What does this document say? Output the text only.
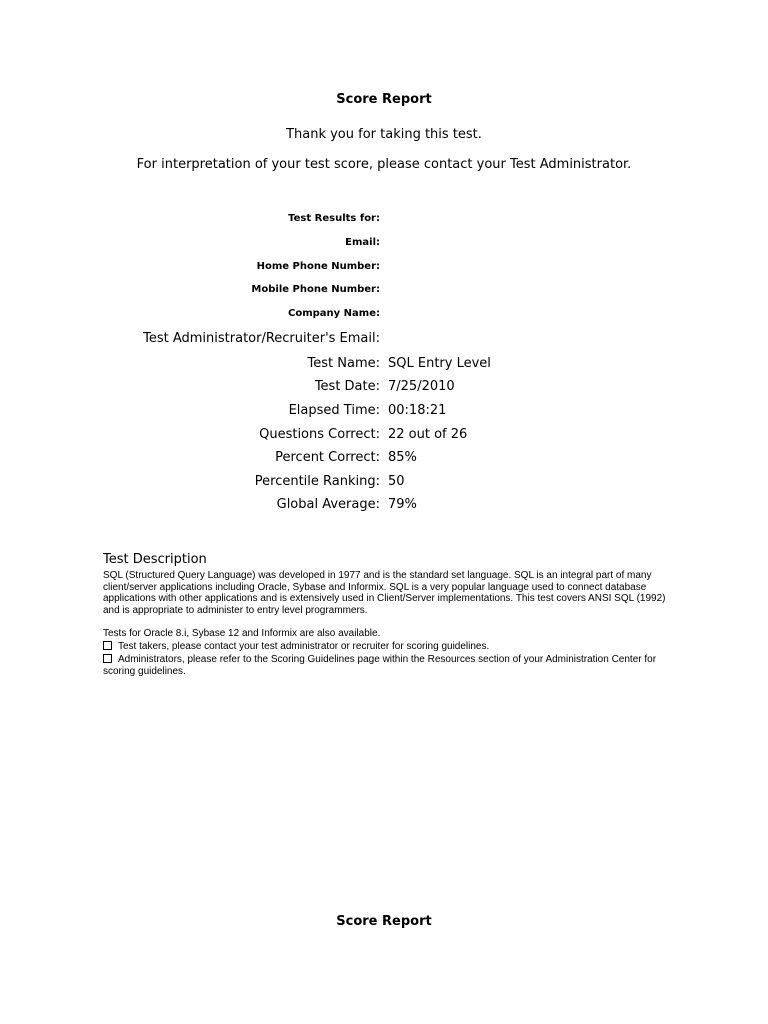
Score Report
Thank you for taking this test.
For interpretation of your test score, please contact your Test Administrator.
Test Results for:
Email:
Home Phone Number:
Mobile Phone Number:
Company Name:
Test Administrator/Recruiter's Email:
Test Name: SQL Entry Level
Test Date: 7/25/2010
Elapsed Time: 00:18:21
Questions Correct: 22 out of 26
Percent Correct: 85%
Percentile Ranking: 50
Global Average: 79%
Test Description
SQL (Structured Query Language) was developed in 1977 and is the standard set language. SQL is an integral part of many client/server applications including Oracle, Sybase and Informix. SQL is a very popular language used to connect database applications with other applications and is extensively used in Client/Server implementations. This test covers ANSI SQL (1992) and is appropriate to administer to entry level programmers.
Tests for Oracle 8.i, Sybase 12 and Informix are also available.
Test takers, please contact your test administrator or recruiter for scoring guidelines.
Administrators, please refer to the Scoring Guidelines page within the Resources section of your Administration Center for scoring guidelines.
Score Report
